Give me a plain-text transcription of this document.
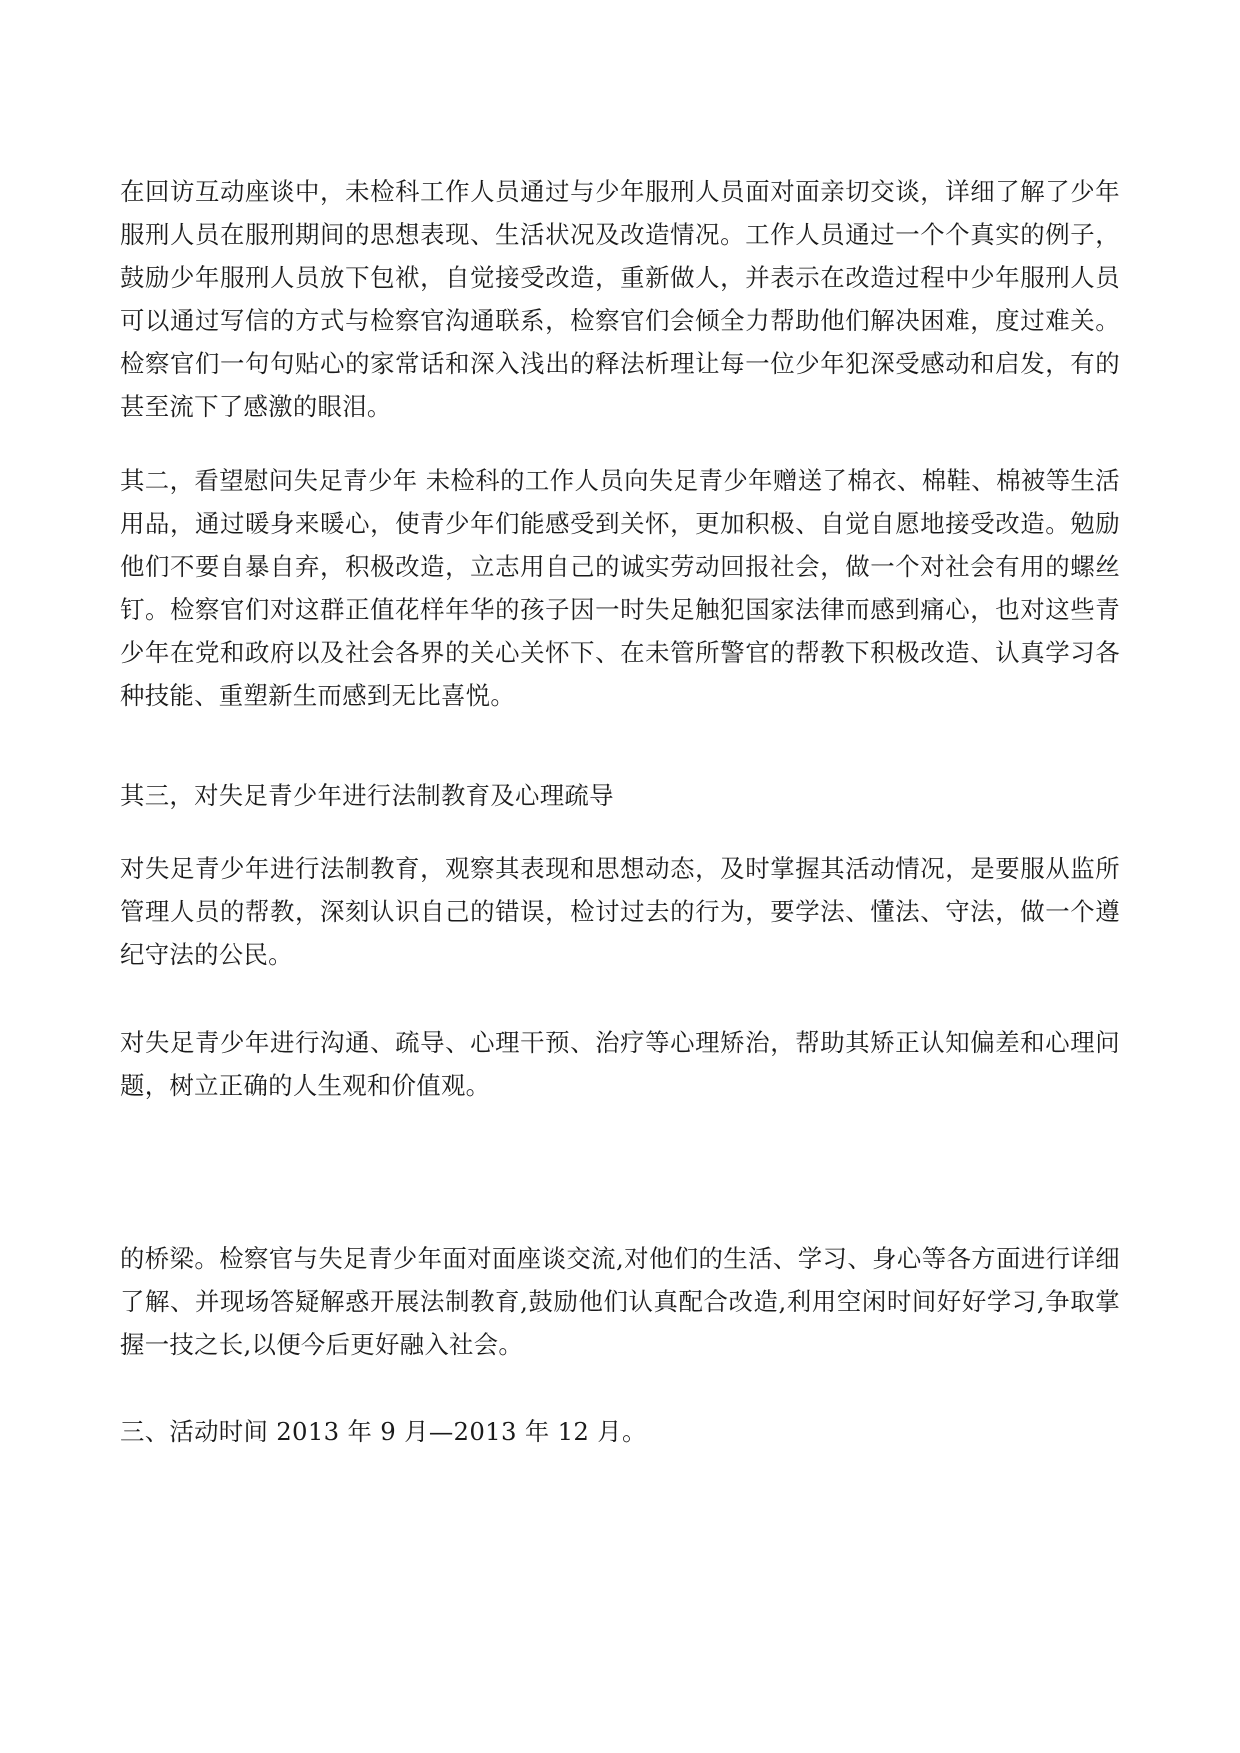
在回访互动座谈中，未检科工作人员通过与少年服刑人员面对面亲切交谈，详细了解了少年服刑人员在服刑期间的思想表现、生活状况及改造情况。工作人员通过一个个真实的例子，鼓励少年服刑人员放下包袱，自觉接受改造，重新做人，并表示在改造过程中少年服刑人员可以通过写信的方式与检察官沟通联系，检察官们会倾全力帮助他们解决困难，度过难关。检察官们一句句贴心的家常话和深入浅出的释法析理让每一位少年犯深受感动和启发，有的甚至流下了感激的眼泪。

其二，看望慰问失足青少年 未检科的工作人员向失足青少年赠送了棉衣、棉鞋、棉被等生活用品，通过暖身来暖心，使青少年们能感受到关怀，更加积极、自觉自愿地接受改造。勉励他们不要自暴自弃，积极改造，立志用自己的诚实劳动回报社会，做一个对社会有用的螺丝钉。检察官们对这群正值花样年华的孩子因一时失足触犯国家法律而感到痛心，也对这些青少年在党和政府以及社会各界的关心关怀下、在未管所警官的帮教下积极改造、认真学习各种技能、重塑新生而感到无比喜悦。

其三，对失足青少年进行法制教育及心理疏导

对失足青少年进行法制教育，观察其表现和思想动态，及时掌握其活动情况，是要服从监所管理人员的帮教，深刻认识自己的错误，检讨过去的行为，要学法、懂法、守法，做一个遵纪守法的公民。

对失足青少年进行沟通、疏导、心理干预、治疗等心理矫治，帮助其矫正认知偏差和心理问题，树立正确的人生观和价值观。

的桥梁。检察官与失足青少年面对面座谈交流,对他们的生活、学习、身心等各方面进行详细了解、并现场答疑解惑开展法制教育,鼓励他们认真配合改造,利用空闲时间好好学习,争取掌握一技之长,以便今后更好融入社会。

三、活动时间 2013 年 9 月—2013 年 12 月。
